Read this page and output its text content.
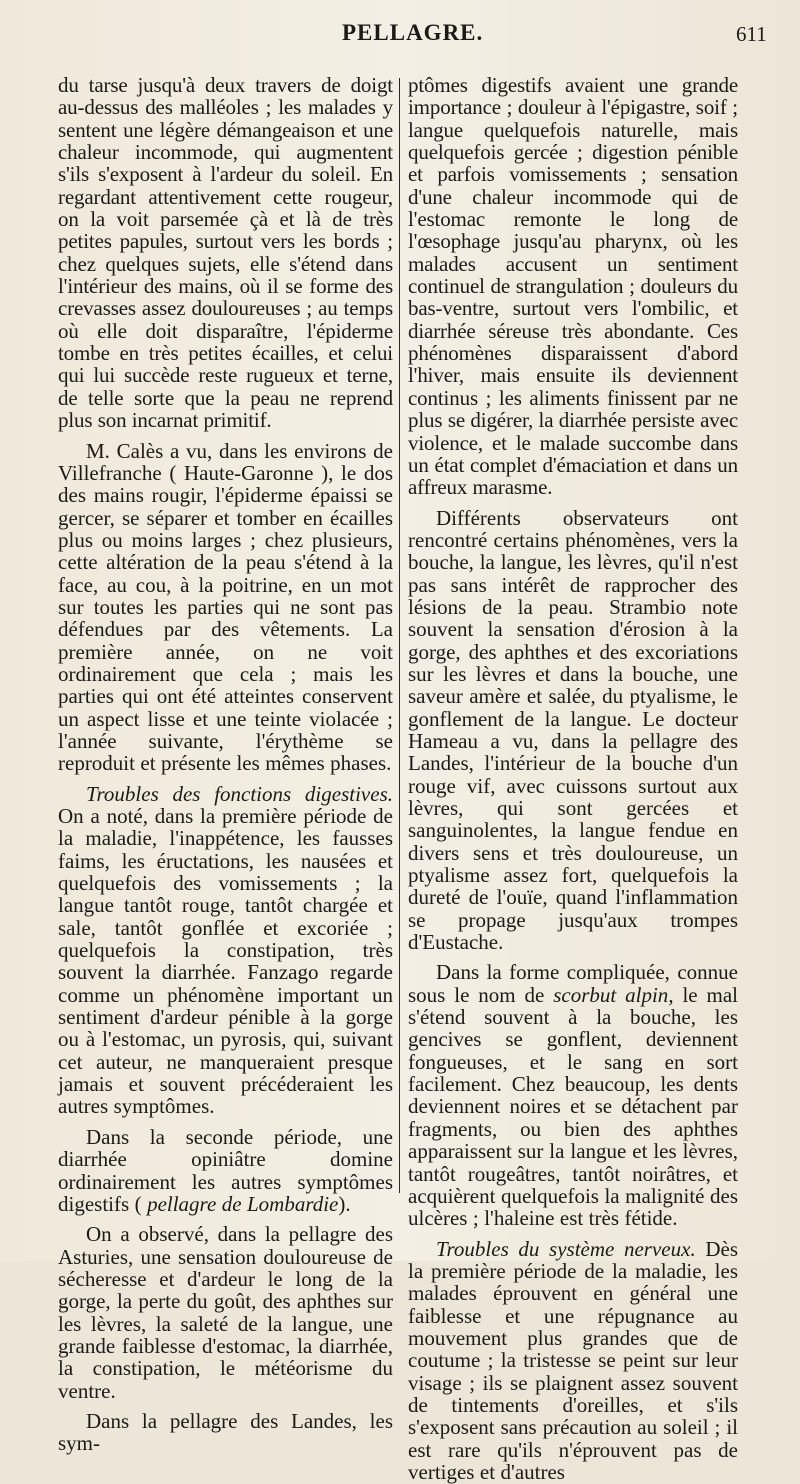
PELLAGRE.	611

du tarse jusqu'à deux travers de doigt au-dessus des malléoles ; les malades y sentent une légère démangeaison et une chaleur incommode, qui augmentent s'ils s'exposent à l'ardeur du soleil. En regardant attentivement cette rougeur, on la voit parsemée çà et là de très petites papules, surtout vers les bords ; chez quelques sujets, elle s'étend dans l'intérieur des mains, où il se forme des crevasses assez douloureuses ; au temps où elle doit disparaître, l'épiderme tombe en très petites écailles, et celui qui lui succède reste rugueux et terne, de telle sorte que la peau ne reprend plus son incarnat primitif.

M. Calès a vu, dans les environs de Villefranche ( Haute-Garonne ), le dos des mains rougir, l'épiderme épaissi se gercer, se séparer et tomber en écailles plus ou moins larges ; chez plusieurs, cette altération de la peau s'étend à la face, au cou, à la poitrine, en un mot sur toutes les parties qui ne sont pas défendues par des vêtements. La première année, on ne voit ordinairement que cela ; mais les parties qui ont été atteintes conservent un aspect lisse et une teinte violacée ; l'année suivante, l'érythème se reproduit et présente les mêmes phases.

Troubles des fonctions digestives. On a noté, dans la première période de la maladie, l'inappétence, les fausses faims, les éructations, les nausées et quelquefois des vomissements ; la langue tantôt rouge, tantôt chargée et sale, tantôt gonflée et excoriée ; quelquefois la constipation, très souvent la diarrhée. Fanzago regarde comme un phénomène important un sentiment d'ardeur pénible à la gorge ou à l'estomac, un pyrosis, qui, suivant cet auteur, ne manqueraient presque jamais et souvent précéderaient les autres symptômes.

Dans la seconde période, une diarrhée opiniâtre domine ordinairement les autres symptômes digestifs ( pellagre de Lombardie).

On a observé, dans la pellagre des Asturies, une sensation douloureuse de sécheresse et d'ardeur le long de la gorge, la perte du goût, des aphthes sur les lèvres, la saleté de la langue, une grande faiblesse d'estomac, la diarrhée, la constipation, le météorisme du ventre.

Dans la pellagre des Landes, les sym-

ptômes digestifs avaient une grande importance ; douleur à l'épigastre, soif ; langue quelquefois naturelle, mais quelquefois gercée ; digestion pénible et parfois vomissements ; sensation d'une chaleur incommode qui de l'estomac remonte le long de l'œsophage jusqu'au pharynx, où les malades accusent un sentiment continuel de strangulation ; douleurs du bas-ventre, surtout vers l'ombilic, et diarrhée séreuse très abondante. Ces phénomènes disparaissent d'abord l'hiver, mais ensuite ils deviennent continus ; les aliments finissent par ne plus se digérer, la diarrhée persiste avec violence, et le malade succombe dans un état complet d'émaciation et dans un affreux marasme.

Différents observateurs ont rencontré certains phénomènes, vers la bouche, la langue, les lèvres, qu'il n'est pas sans intérêt de rapprocher des lésions de la peau. Strambio note souvent la sensation d'érosion à la gorge, des aphthes et des excoriations sur les lèvres et dans la bouche, une saveur amère et salée, du ptyalisme, le gonflement de la langue. Le docteur Hameau a vu, dans la pellagre des Landes, l'intérieur de la bouche d'un rouge vif, avec cuissons surtout aux lèvres, qui sont gercées et sanguinolentes, la langue fendue en divers sens et très douloureuse, un ptyalisme assez fort, quelquefois la dureté de l'ouïe, quand l'inflammation se propage jusqu'aux trompes d'Eustache.

Dans la forme compliquée, connue sous le nom de scorbut alpin, le mal s'étend souvent à la bouche, les gencives se gonflent, deviennent fongueuses, et le sang en sort facilement. Chez beaucoup, les dents deviennent noires et se détachent par fragments, ou bien des aphthes apparaissent sur la langue et les lèvres, tantôt rougeâtres, tantôt noirâtres, et acquièrent quelquefois la malignité des ulcères ; l'haleine est très fétide.

Troubles du système nerveux. Dès la première période de la maladie, les malades éprouvent en général une faiblesse et une répugnance au mouvement plus grandes que de coutume ; la tristesse se peint sur leur visage ; ils se plaignent assez souvent de tintements d'oreilles, et s'ils s'exposent sans précaution au soleil ; il est rare qu'ils n'éprouvent pas de vertiges et d'autres
